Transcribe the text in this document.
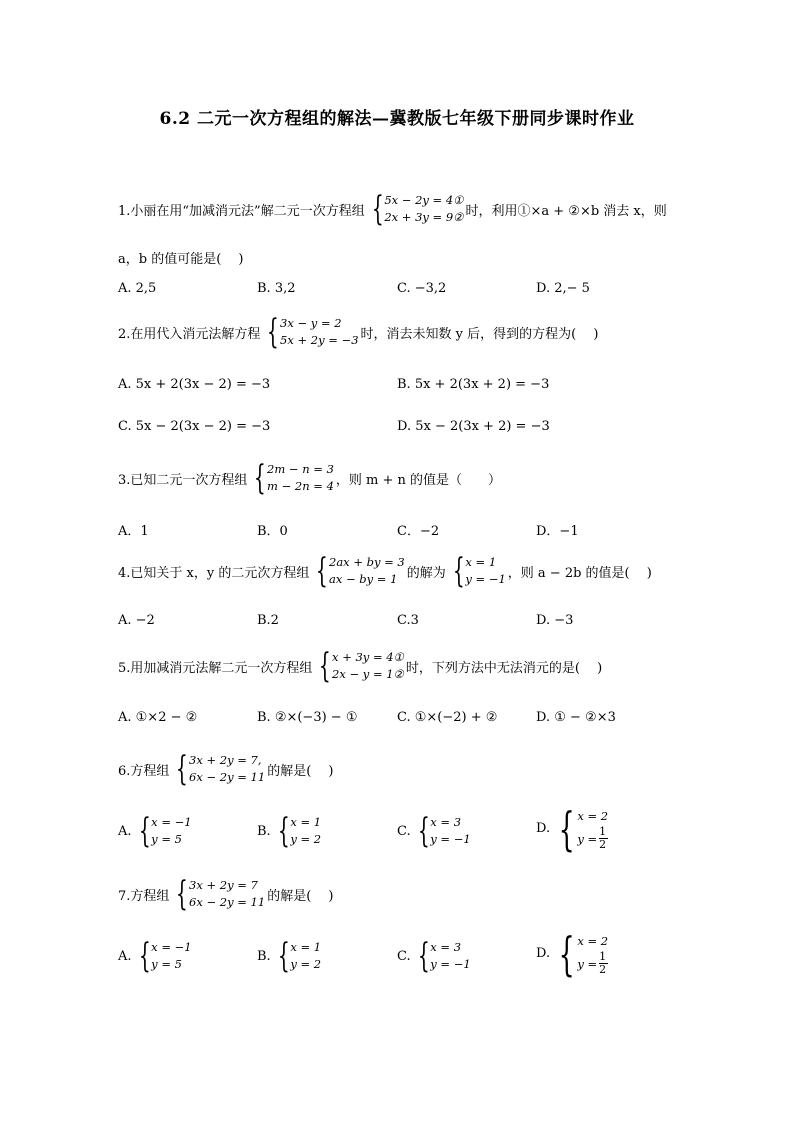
6.2 二元一次方程组的解法—冀教版七年级下册同步课时作业
1.小丽在用“加减消元法”解二元一次方程组 { 5x − 2y = 4①
2x + 3y = 9② 时，利用①×a + ②×b 消去 x，则
a，b 的值可能是(　 )
A. 2,5	B. 3,2	C. −3,2	D. 2,− 5
2.在用代入消元法解方程 { 3x − y = 2
5x + 2y = −3 时，消去未知数 y 后，得到的方程为(　 )
A. 5x + 2(3x − 2) = −3	B. 5x + 2(3x + 2) = −3
C. 5x − 2(3x − 2) = −3	D. 5x − 2(3x + 2) = −3
3.已知二元一次方程组 { 2m − n = 3
m − 2n = 4 ，则 m + n 的值是（　　）
A．1	B．0	C．−2	D．−1
4.已知关于 x，y 的二元次方程组 { 2ax + by = 3
ax − by = 1 的解为 { x = 1
y = −1 ，则 a − 2b 的值是(　 )
A. −2	B.2	C.3	D. −3
5.用加减消元法解二元一次方程组 { x + 3y = 4①
2x − y = 1② 时，下列方法中无法消元的是(　 )
A. ①×2 − ②	B. ②×(−3) − ①	C. ①×(−2) + ②	D. ① − ②×3
6.方程组 { 3x + 2y = 7,
6x − 2y = 11 的解是(　 )
A. { x = −1
y = 5
B. { x = 1
y = 2
C. { x = 3
y = −1
D. { x = 2
$y = \frac{1}{2}$
7.方程组 { 3x + 2y = 7
6x − 2y = 11 的解是(　 )
A. { x = −1
y = 5
B. { x = 1
y = 2
C. { x = 3
y = −1
D. { x = 2
$y = \frac{1}{2}$
